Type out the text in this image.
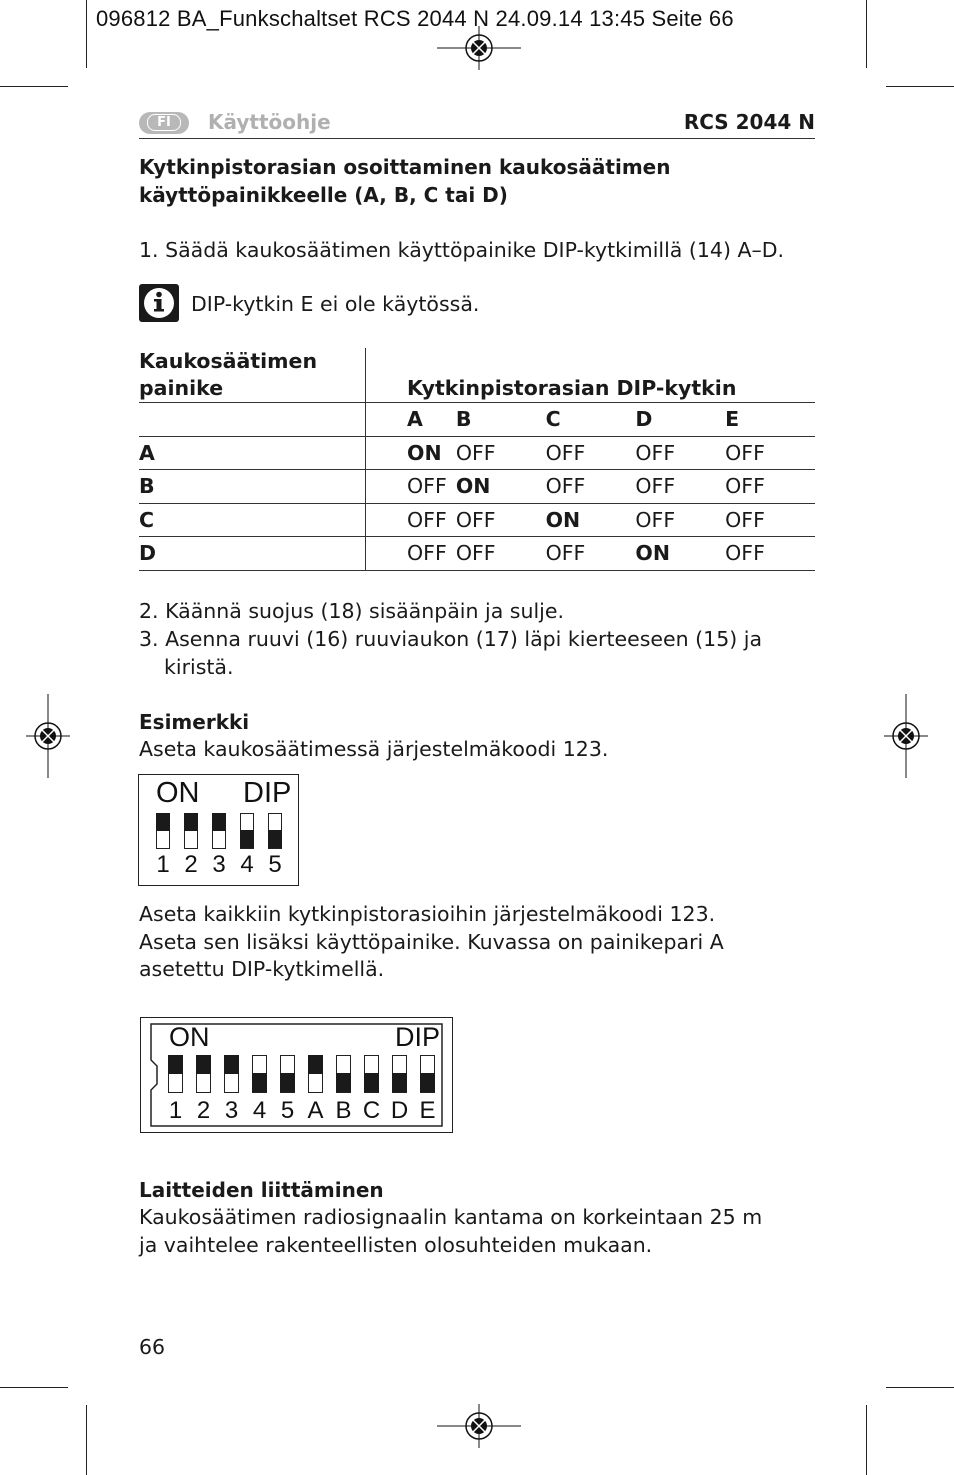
096812 BA_Funkschaltset RCS 2044 N 24.09.14 13:45 Seite 66
FI	Käyttöohje	RCS 2044 N
Kytkinpistorasian osoittaminen kaukosäätimen
käyttöpainikkeelle (A, B, C tai D)
1. Säädä kaukosäätimen käyttöpainike DIP-kytkimillä (14) A–D.
DIP-kytkin E ei ole käytössä.
Kaukosäätimen
painike	Kytkinpistorasian DIP-kytkin				
	A	B	C	D	E
A	ON	OFF	OFF	OFF	OFF
B	OFF	ON	OFF	OFF	OFF
C	OFF	OFF	ON	OFF	OFF
D	OFF	OFF	OFF	ON	OFF
2. Käännä suojus (18) sisäänpäin ja sulje.
3. Asenna ruuvi (16) ruuviaukon (17) läpi kierteeseen (15) ja
kiristä.
Esimerkki
Aseta kaukosäätimessä järjestelmäkoodi 123.
ON DIP
1 2 3 4 5
Aseta kaikkiin kytkinpistorasioihin järjestelmäkoodi 123.
Aseta sen lisäksi käyttöpainike. Kuvassa on painikepari A
asetettu DIP-kytkimellä.
ON	DIP
1 2 3 4 5 A B C D E
Laitteiden liittäminen
Kaukosäätimen radiosignaalin kantama on korkeintaan 25 m
ja vaihtelee rakenteellisten olosuhteiden mukaan.
66
